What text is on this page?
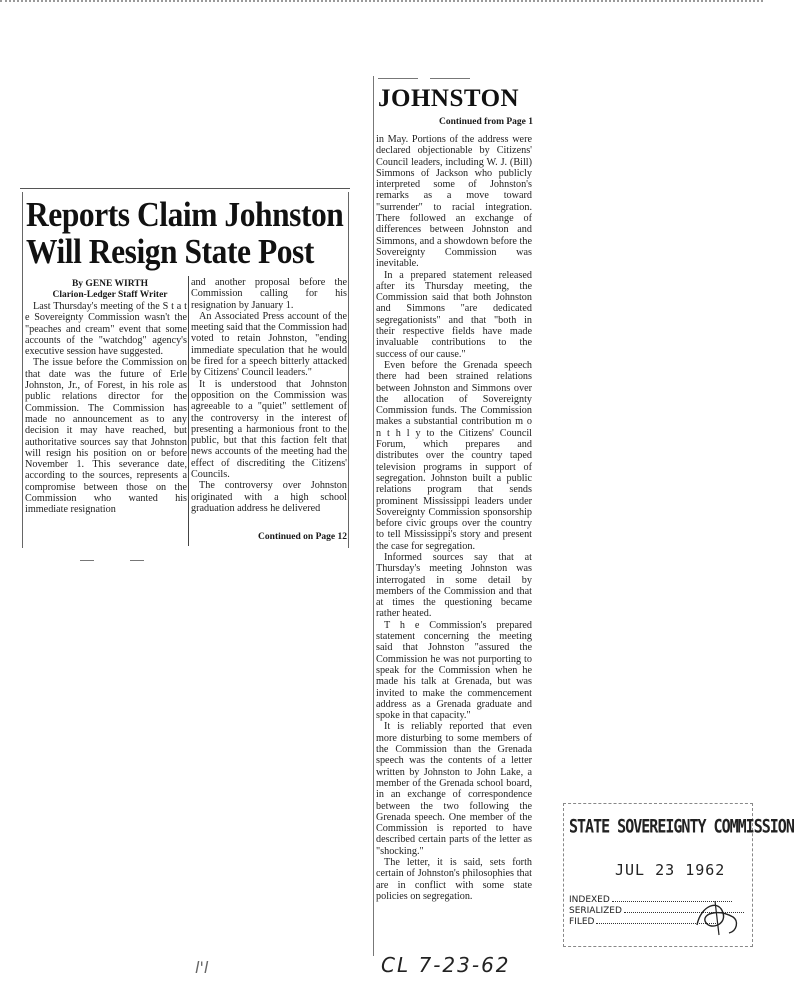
Reports Claim Johnston
Will Resign State Post
By GENE WIRTH
Clarion-Ledger Staff Writer

Last Thursday's meeting of the S t a t e Sovereignty Commission wasn't the "peaches and cream" event that some accounts of the "watchdog" agency's executive session have suggested.

The issue before the Commission on that date was the future of Erle Johnston, Jr., of Forest, in his role as public relations director for the Commission. The Commission has made no announcement as to any decision it may have reached, but authoritative sources say that Johnston will resign his position on or before November 1. This severance date, according to the sources, represents a compromise between those on the Commission who wanted his immediate resignation

and another proposal before the Commission calling for his resignation by January 1.

An Associated Press account of the meeting said that the Commission had voted to retain Johnston, "ending immediate speculation that he would be fired for a speech bitterly attacked by Citizens' Council leaders."

It is understood that Johnston opposition on the Commission was agreeable to a "quiet" settlement of the controversy in the interest of presenting a harmonious front to the public, but that this faction felt that news accounts of the meeting had the effect of discrediting the Citizens' Councils.

The controversy over Johnston originated with a high school graduation address he delivered

Continued on Page 12
JOHNSTON
Continued from Page 1

in May. Portions of the address were declared objectionable by Citizens' Council leaders, including W. J. (Bill) Simmons of Jackson who publicly interpreted some of Johnston's remarks as a move toward "surrender" to racial integration. There followed an exchange of differences between Johnston and Simmons, and a showdown before the Sovereignty Commission was inevitable.

In a prepared statement released after its Thursday meeting, the Commission said that both Johnston and Simmons "are dedicated segregationists" and that "both in their respective fields have made invaluable contributions to the success of our cause."

Even before the Grenada speech there had been strained relations between Johnston and Simmons over the allocation of Sovereignty Commission funds. The Commission makes a substantial contribution m o n t h l y to the Citizens' Council Forum, which prepares and distributes over the country taped television programs in support of segregation. Johnston built a public relations program that sends prominent Mississippi leaders under Sovereignty Commission sponsorship before civic groups over the country to tell Mississippi's story and present the case for segregation.

Informed sources say that at Thursday's meeting Johnston was interrogated in some detail by members of the Commission and that at times the questioning became rather heated.

T h e Commission's prepared statement concerning the meeting said that Johnston "assured the Commission he was not purporting to speak for the Commission when he made his talk at Grenada, but was invited to make the commencement address as a Grenada graduate and spoke in that capacity."

It is reliably reported that even more disturbing to some members of the Commission than the Grenada speech was the contents of a letter written by Johnston to John Lake, a member of the Grenada school board, in an exchange of correspondence between the two following the Grenada speech. One member of the Commission is reported to have described certain parts of the letter as "shocking."

The letter, it is said, sets forth certain of Johnston's philosophies that are in conflict with some state policies on segregation.

l'l	CL 7-23-62
STATE SOVEREIGNTY COMMISSION
JUL 23 1962
INDEXED
SERIALIZED
FILED
